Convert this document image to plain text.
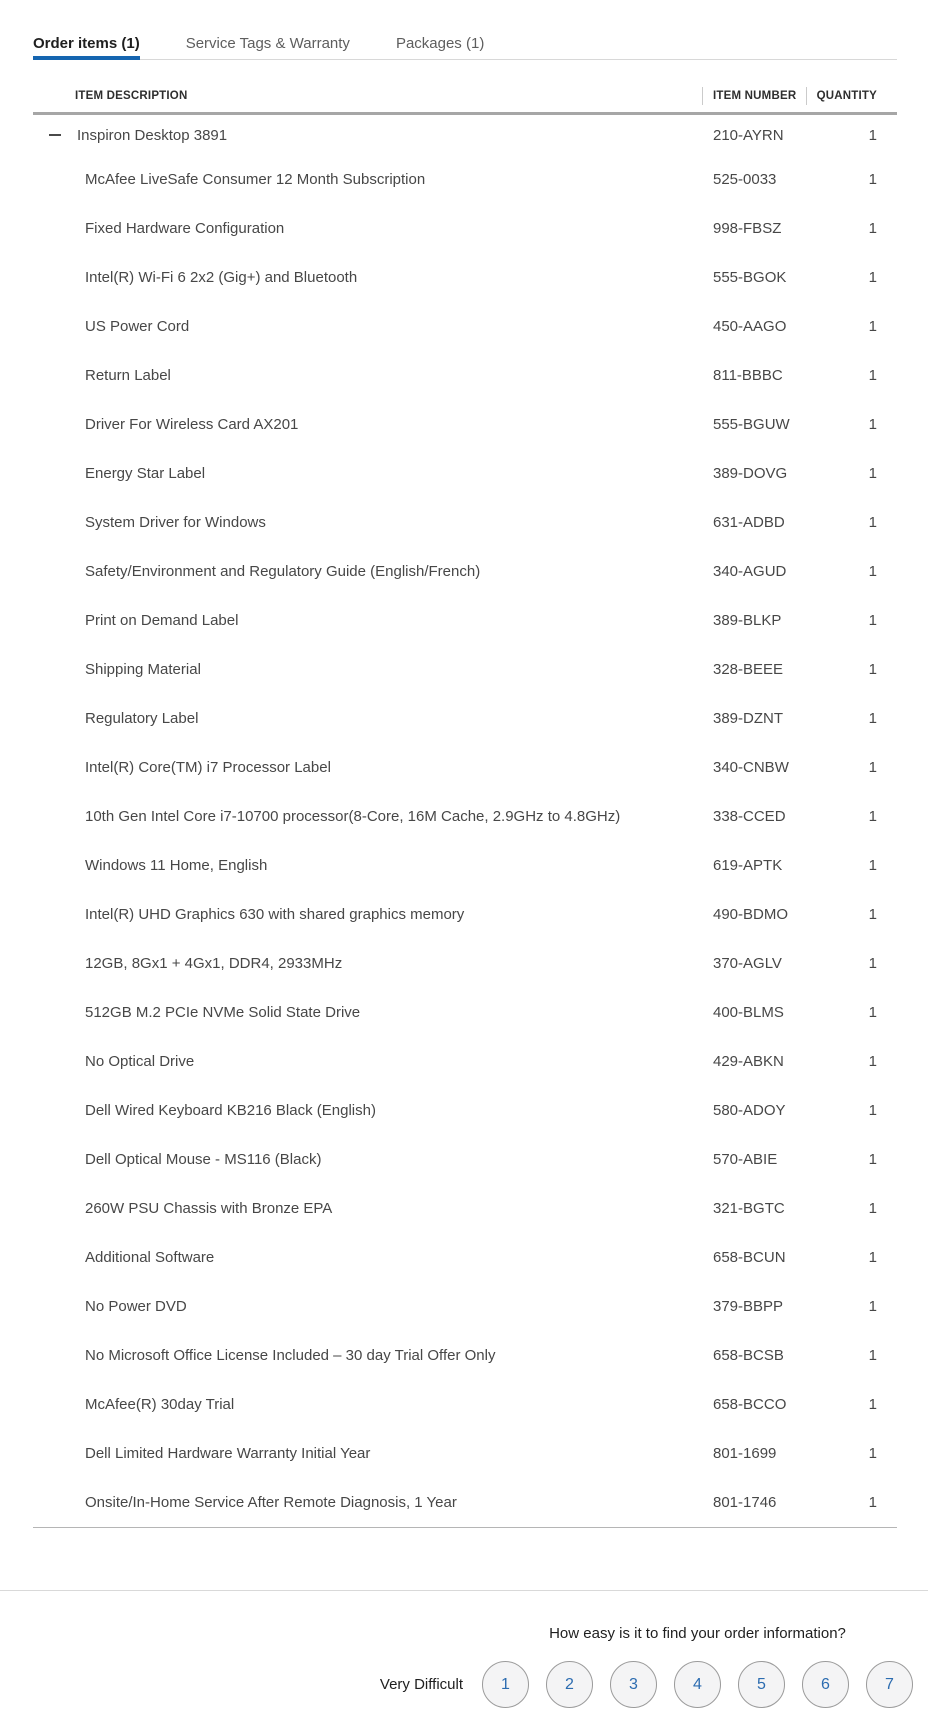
Order items (1)	Service Tags & Warranty	Packages (1)
ITEM DESCRIPTION	ITEM NUMBER	QUANTITY
Inspiron Desktop 3891	210-AYRN	1
McAfee LiveSafe Consumer 12 Month Subscription	525-0033	1
Fixed Hardware Configuration	998-FBSZ	1
Intel(R) Wi-Fi 6 2x2 (Gig+) and Bluetooth	555-BGOK	1
US Power Cord	450-AAGO	1
Return Label	811-BBBC	1
Driver For Wireless Card AX201	555-BGUW	1
Energy Star Label	389-DOVG	1
System Driver for Windows	631-ADBD	1
Safety/Environment and Regulatory Guide (English/French)	340-AGUD	1
Print on Demand Label	389-BLKP	1
Shipping Material	328-BEEE	1
Regulatory Label	389-DZNT	1
Intel(R) Core(TM) i7 Processor Label	340-CNBW	1
10th Gen Intel Core i7-10700 processor(8-Core, 16M Cache, 2.9GHz to 4.8GHz)	338-CCED	1
Windows 11 Home, English	619-APTK	1
Intel(R) UHD Graphics 630 with shared graphics memory	490-BDMO	1
12GB, 8Gx1 + 4Gx1, DDR4, 2933MHz	370-AGLV	1
512GB M.2 PCIe NVMe Solid State Drive	400-BLMS	1
No Optical Drive	429-ABKN	1
Dell Wired Keyboard KB216 Black (English)	580-ADOY	1
Dell Optical Mouse - MS116 (Black)	570-ABIE	1
260W PSU Chassis with Bronze EPA	321-BGTC	1
Additional Software	658-BCUN	1
No Power DVD	379-BBPP	1
No Microsoft Office License Included – 30 day Trial Offer Only	658-BCSB	1
McAfee(R) 30day Trial	658-BCCO	1
Dell Limited Hardware Warranty Initial Year	801-1699	1
Onsite/In-Home Service After Remote Diagnosis, 1 Year	801-1746	1
How easy is it to find your order information?
Very Difficult	1	2	3	4	5	6	7
